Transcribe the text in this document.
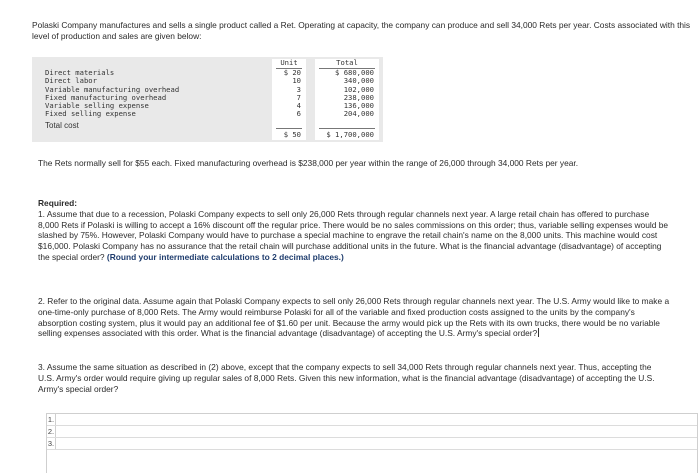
Polaski Company manufactures and sells a single product called a Ret. Operating at capacity, the company can produce and sell 34,000 Rets per year. Costs associated with this level of production and sales are given below:

Direct materials
Direct labor
Variable manufacturing overhead
Fixed manufacturing overhead
Variable selling expense
Fixed selling expense
Total cost
Unit
$ 20
10
3
7
4
6
$ 50
Total
$ 680,000
340,000
102,000
238,000
136,000
204,000
$ 1,700,000

The Rets normally sell for $55 each. Fixed manufacturing overhead is $238,000 per year within the range of 26,000 through 34,000 Rets per year.

Required:

1. Assume that due to a recession, Polaski Company expects to sell only 26,000 Rets through regular channels next year. A large retail chain has offered to purchase 8,000 Rets if Polaski is willing to accept a 16% discount off the regular price. There would be no sales commissions on this order; thus, variable selling expenses would be slashed by 75%. However, Polaski Company would have to purchase a special machine to engrave the retail chain's name on the 8,000 units. This machine would cost $16,000. Polaski Company has no assurance that the retail chain will purchase additional units in the future. What is the financial advantage (disadvantage) of accepting the special order? (Round your intermediate calculations to 2 decimal places.)

2. Refer to the original data. Assume again that Polaski Company expects to sell only 26,000 Rets through regular channels next year. The U.S. Army would like to make a one-time-only purchase of 8,000 Rets. The Army would reimburse Polaski for all of the variable and fixed production costs assigned to the units by the company's absorption costing system, plus it would pay an additional fee of $1.60 per unit. Because the army would pick up the Rets with its own trucks, there would be no variable selling expenses associated with this order. What is the financial advantage (disadvantage) of accepting the U.S. Army's special order?

3. Assume the same situation as described in (2) above, except that the company expects to sell 34,000 Rets through regular channels next year. Thus, accepting the U.S. Army's order would require giving up regular sales of 8,000 Rets. Given this new information, what is the financial advantage (disadvantage) of accepting the U.S. Army's special order?

1.
2.
3.
